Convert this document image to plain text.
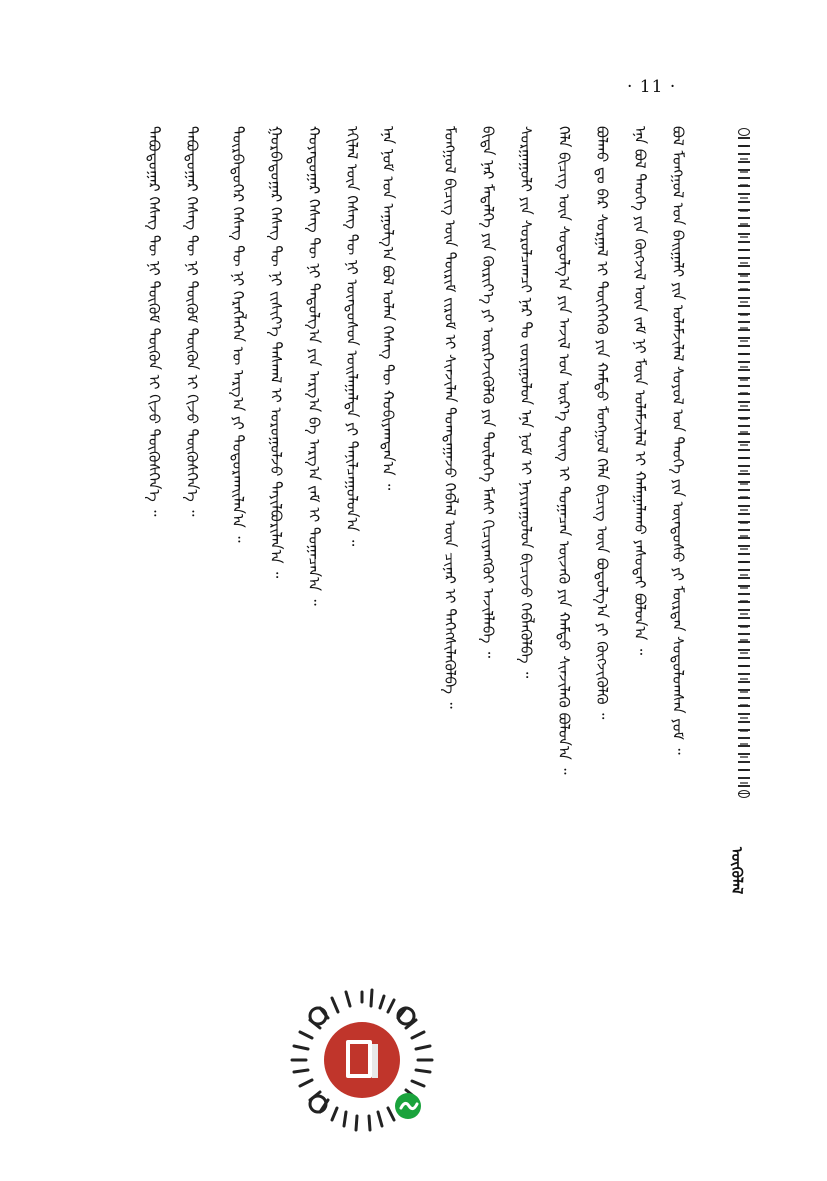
· 11 ·
ᠦᠭᠦᠯᠡᠯ
ᠪᠣᠯ ᠮᠣᠩᠭᠣᠯ ᠤᠨ ᠪᠠᠢᠭᠠᠯᠢ ᠶᠢᠨ ᠤᠯᠠᠮᠵᠢᠯᠠᠯ ᠰᠤᠶᠤᠯ ᠤᠨ ᠲᠡᠦᠬᠡ ᠶᠢᠨ ᠦᠨᠳᠦᠰᠦ ᠶᠢ ᠮᠥᠷᠳᠡᠨ ᠰᠤᠳᠤᠯᠤᠭᠰᠠᠨ ᠶᠤᠮ ᠃
ᠡᠨᠡ ᠪᠣᠯ ᠲᠡᠦᠬᠡ ᠶᠢᠨ ᠬᠥᠭᠵᠢᠯ ᠦᠨ ᠵᠠᠮ ᠨᠢ ᠮᠥᠨ ᠤᠯᠠᠮᠵᠢᠯᠠᠯ ᠢ ᠬᠠᠮᠠᠭᠠᠯᠠᠬᠤ ᠶᠠᠰᠤᠲᠠᠢ ᠪᠣᠯᠤᠨ᠎ᠠ ᠃
ᠪᠣᠯᠬᠤ ᠳᠤ ᠪᠠᠷ ᠰᠤᠷᠭᠠᠯ ᠢ ᠲᠦᠬᠡᠭᠡᠬᠦ ᠶᠢᠨ ᠬᠠᠮᠲᠤ ᠮᠣᠩᠭᠣᠯ ᠬᠡᠯᠡ ᠪᠢᠴᠢᠭ ᠦᠨ ᠪᠣᠳᠤᠯᠭ᠎ᠠ ᠶᠢ ᠬᠥᠭᠵᠢᠭᠦᠯᠬᠦ ᠃
ᠬᠡᠯᠡ ᠪᠢᠴᠢᠭ ᠦᠨ ᠰᠤᠳᠤᠯᠭ᠎ᠠ ᠶᠢᠨ ᠠᠵᠢᠯ ᠤᠨ ᠦᠷ᠎ᠡ ᠳᠦᠩ ᠢ ᠲᠣᠭᠠᠴᠠᠨ ᠦᠵᠡᠬᠦ ᠶᠢᠨ ᠬᠠᠮᠲᠤ ᠰᠢᠨᠵᠢᠯᠡᠬᠦ ᠪᠣᠯᠤᠨ᠎ᠠ ᠃
ᠰᠤᠷᠭᠠᠭᠤᠯᠢ ᠶᠢᠨ ᠰᠤᠷᠤᠯᠴᠠᠭᠴᠢ ᠨᠠᠷ ᠲᠤ ᠵᠣᠷᠢᠭᠤᠯᠤᠨ ᠡᠨᠡ ᠨᠣᠮ ᠢ ᠨᠠᠶᠢᠷᠠᠭᠤᠯᠤᠨ ᠪᠢᠴᠢᠵᠦ ᠬᠡᠪᠯᠡᠭᠦᠯᠪᠡ ᠃
ᠪᠢᠳᠡ ᠨᠠᠷ ᠮᠡᠳᠡᠯᠭᠡ ᠶᠢᠨ ᠬᠦᠷᠢᠶ᠎ᠡ ᠶᠢ ᠥᠷᠭᠡᠵᠢᠭᠦᠯᠬᠦ ᠶᠢᠨ ᠲᠥᠯᠦᠭᠡ ᠮᠠᠰᠢ ᠬᠢᠴᠢᠶᠡᠩᠭᠦᠢ ᠠᠵᠢᠯᠯᠠᠪᠠ ᠃
ᠮᠣᠩᠭᠣᠯ ᠪᠢᠴᠢᠭ ᠦᠨ ᠳᠦᠷᠢᠮ ᠵᠢᠷᠤᠮ ᠢ ᠰᠢᠨᠵᠢᠯᠡᠨ ᠲᠣᠭᠲᠠᠭᠠᠵᠤ ᠬᠡᠪᠯᠡᠯ ᠦᠨ ᠴᠢᠨᠠᠷ ᠢ ᠳᠡᠭᠡᠭᠰᠢᠯᠡᠭᠦᠯᠪᠡ ᠃
ᠡᠨᠡ ᠨᠣᠮ ᠤᠨ ᠠᠭᠤᠯᠭ᠎ᠠ ᠪᠣᠯ ᠣᠯᠠᠨ ᠬᠡᠰᠡᠭ ᠲᠦ ᠬᠤᠪᠢᠶᠠᠭᠳᠠᠨ᠎ᠠ ᠃
ᠡᠬᠢᠯᠡᠯ ᠦᠨ ᠬᠡᠰᠡᠭ ᠲᠦ ᠨᠢ ᠦᠨᠳᠦᠰᠦᠨ ᠣᠢᠯᠠᠭᠠᠯᠲᠠ ᠶᠢ ᠲᠠᠨᠢᠯᠴᠠᠭᠤᠯᠤᠨ᠎ᠠ ᠃
ᠬᠣᠶᠠᠳᠤᠭᠠᠷ ᠬᠡᠰᠡᠭ ᠲᠦ ᠨᠢ ᠳᠠᠳᠤᠯᠭ᠎ᠠ ᠶᠢᠨ ᠠᠷᠭ᠎ᠠ ᠪᠠ ᠠᠷᠭ᠎ᠠ ᠵᠠᠮ ᠢ ᠲᠣᠭᠠᠴᠠᠨ᠎ᠠ ᠃
ᠭᠤᠷᠪᠠᠳᠤᠭᠠᠷ ᠬᠡᠰᠡᠭ ᠲᠦ ᠨᠢ ᠵᠢᠱᠢᠶ᠎ᠡ ᠳᠠᠰᠭᠠᠯ ᠢ ᠣᠷᠣᠭᠤᠯᠵᠤ ᠲᠠᠶᠢᠯᠪᠤᠷᠢᠯᠠᠨ᠎ᠠ ᠃
ᠳᠥᠷᠪᠡᠳᠦᠭᠡᠷ ᠬᠡᠰᠡᠭ ᠲᠦ ᠨᠢ ᠬᠡᠷᠡᠭᠯᠡᠭᠡᠨ ᠦ ᠠᠷᠭ᠎ᠠ ᠶᠢ ᠲᠣᠳᠣᠷᠬᠠᠢᠯᠠᠨ᠎ᠠ ᠃
ᠲᠠᠪᠤᠳᠤᠭᠠᠷ ᠬᠡᠰᠡᠭ ᠲᠦ ᠨᠢ ᠳᠦᠭᠦᠮ ᠳᠦᠭᠦᠨ ᠢ ᠬᠢᠵᠦ ᠳᠦᠭᠦᠰᠬᠡᠨ᠎ᠡ ᠃
ᠲᠠᠪᠤᠳᠤᠭᠠᠷ ᠬᠡᠰᠡᠭ ᠲᠦ ᠨᠢ ᠳᠦᠭᠦᠮ ᠳᠦᠭᠦᠨ ᠢ ᠬᠢᠵᠦ ᠳᠦᠭᠦᠰᠬᠡᠨ᠎ᠡ ᠃
